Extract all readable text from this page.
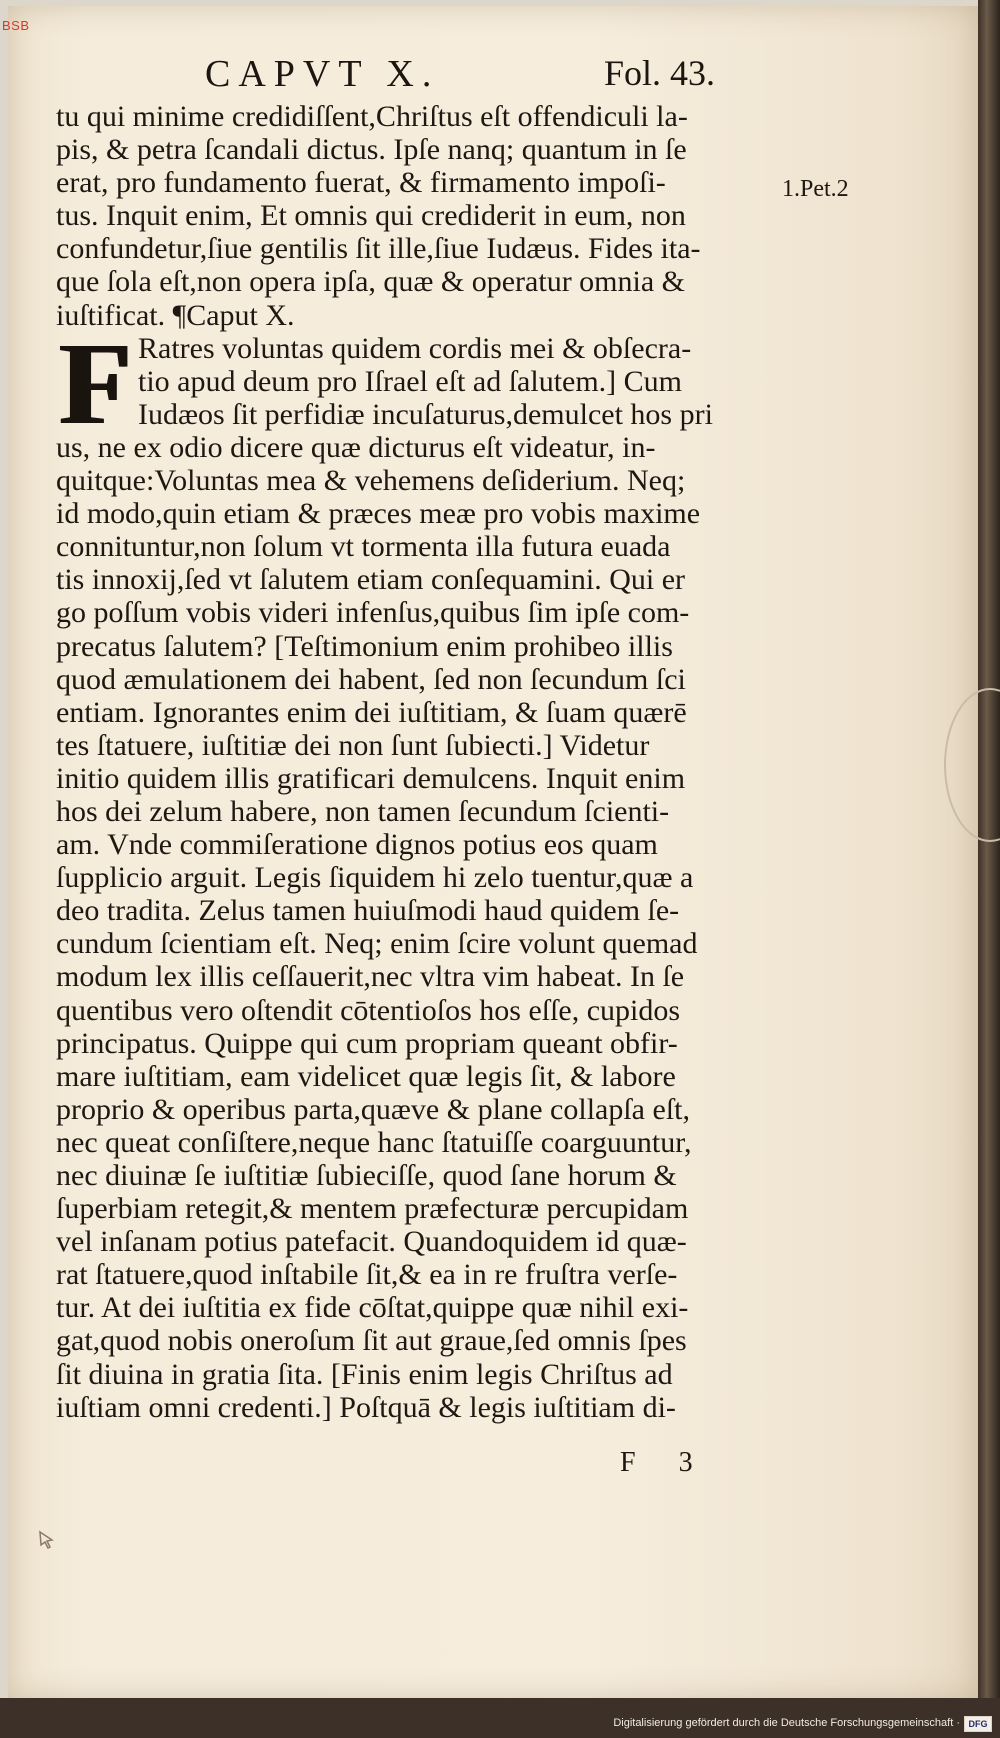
BSB
CAPVT X.	Fol. 43.
1.Pet.2
F
tu qui minime credidiſſent,Chriſtus eſt offendiculi la-
pis, & petra ſcandali dictus. Ipſe nanq; quantum in ſe
erat, pro fundamento fuerat, & firmamento impoſi-
tus. Inquit enim, Et omnis qui crediderit in eum, non
confundetur,ſiue gentilis ſit ille,ſiue Iudæus. Fides ita-
que ſola eſt,non opera ipſa, quæ & operatur omnia &
iuſtificat. ¶Caput X.
Ratres voluntas quidem cordis mei & obſecra-
tio apud deum pro Iſrael eſt ad ſalutem.] Cum
Iudæos ſit perfidiæ incuſaturus,demulcet hos pri
us, ne ex odio dicere quæ dicturus eſt videatur, in-
quitque:Voluntas mea & vehemens deſiderium. Neq;
id modo,quin etiam & præces meæ pro vobis maxime
connituntur,non ſolum vt tormenta illa futura euada
tis innoxij,ſed vt ſalutem etiam conſequamini. Qui er
go poſſum vobis videri infenſus,quibus ſim ipſe com-
precatus ſalutem? [Teſtimonium enim prohibeo illis
quod æmulationem dei habent, ſed non ſecundum ſci
entiam. Ignorantes enim dei iuſtitiam, & ſuam quærē
tes ſtatuere, iuſtitiæ dei non ſunt ſubiecti.] Videtur
initio quidem illis gratificari demulcens. Inquit enim
hos dei zelum habere, non tamen ſecundum ſcienti-
am. Vnde commiſeratione dignos potius eos quam
ſupplicio arguit. Legis ſiquidem hi zelo tuentur,quæ a
deo tradita. Zelus tamen huiuſmodi haud quidem ſe-
cundum ſcientiam eſt. Neq; enim ſcire volunt quemad
modum lex illis ceſſauerit,nec vltra vim habeat. In ſe
quentibus vero oſtendit cōtentioſos hos eſſe, cupidos
principatus. Quippe qui cum propriam queant obfir-
mare iuſtitiam, eam videlicet quæ legis ſit, & labore
proprio & operibus parta,quæve & plane collapſa eſt,
nec queat conſiſtere,neque hanc ſtatuiſſe coarguuntur,
nec diuinæ ſe iuſtitiæ ſubieciſſe, quod ſane horum &
ſuperbiam retegit,& mentem præfecturæ percupidam
vel inſanam potius patefacit. Quandoquidem id quæ-
rat ſtatuere,quod inſtabile ſit,& ea in re fruſtra verſe-
tur. At dei iuſtitia ex fide cōſtat,quippe quæ nihil exi-
gat,quod nobis oneroſum ſit aut graue,ſed omnis ſpes
ſit diuina in gratia ſita. [Finis enim legis Chriſtus ad
iuſtiam omni credenti.] Poſtquā & legis iuſtitiam di-
F 3
Digitalisierung gefördert durch die Deutsche Forschungsgemeinschaft · DFG
